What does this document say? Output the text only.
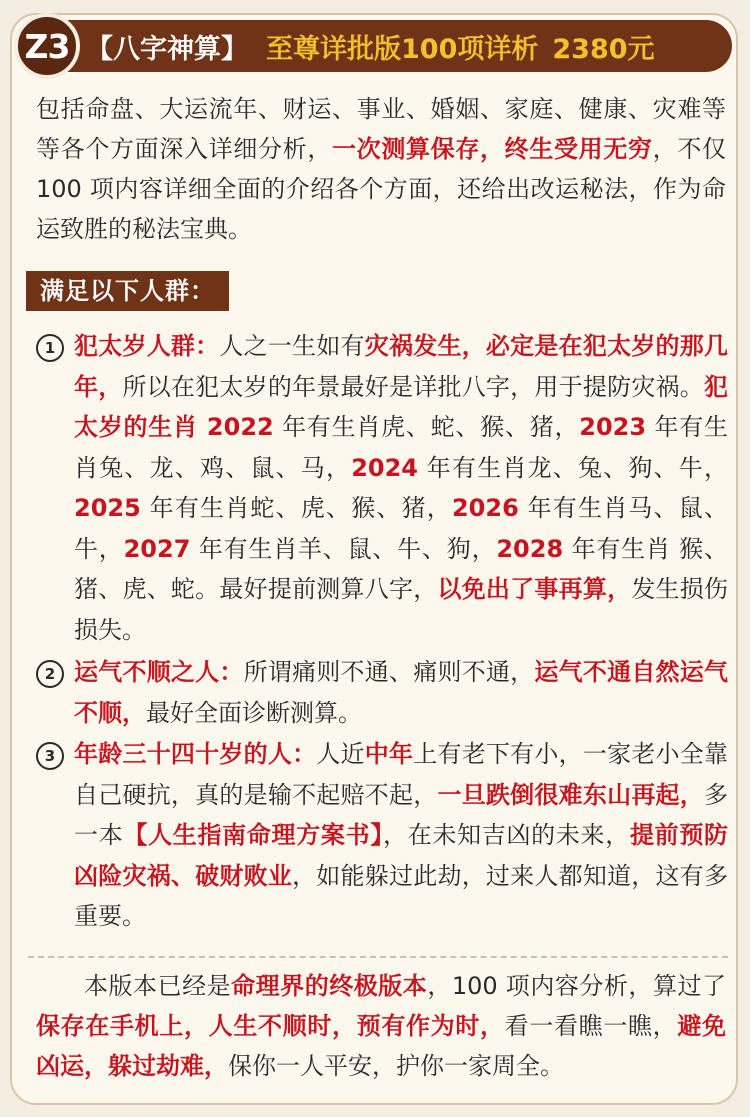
【八字神算】 至尊详批版100项详析 2380元
Z3
包括命盘、大运流年、财运、事业、婚姻、家庭、健康、灾难等等各个方面深入详细分析，一次测算保存，终生受用无穷，不仅 100 项内容详细全面的介绍各个方面，还给出改运秘法，作为命运致胜的秘法宝典。
满足以下人群：
1 犯太岁人群：人之一生如有灾祸发生，必定是在犯太岁的那几年，所以在犯太岁的年景最好是详批八字，用于提防灾祸。犯太岁的生肖 2022 年有生肖虎、蛇、猴、猪，2023 年有生肖兔、龙、鸡、鼠、马，2024 年有生肖龙、兔、狗、牛，2025 年有生肖蛇、虎、猴、猪，2026 年有生肖马、鼠、牛，2027 年有生肖羊、鼠、牛、狗，2028 年有生肖 猴、猪、虎、蛇。最好提前测算八字，以免出了事再算，发生损伤损失。
2 运气不顺之人：所谓痛则不通、痛则不通，运气不通自然运气不顺，最好全面诊断测算。
3 年龄三十四十岁的人：人近中年上有老下有小，一家老小全靠自己硬抗，真的是输不起赔不起，一旦跌倒很难东山再起，多一本【人生指南命理方案书】，在未知吉凶的未来，提前预防凶险灾祸、破财败业，如能躲过此劫，过来人都知道，这有多重要。
本版本已经是命理界的终极版本，100 项内容分析，算过了保存在手机上，人生不顺时，预有作为时，看一看瞧一瞧，避免凶运，躲过劫难，保你一人平安，护你一家周全。
